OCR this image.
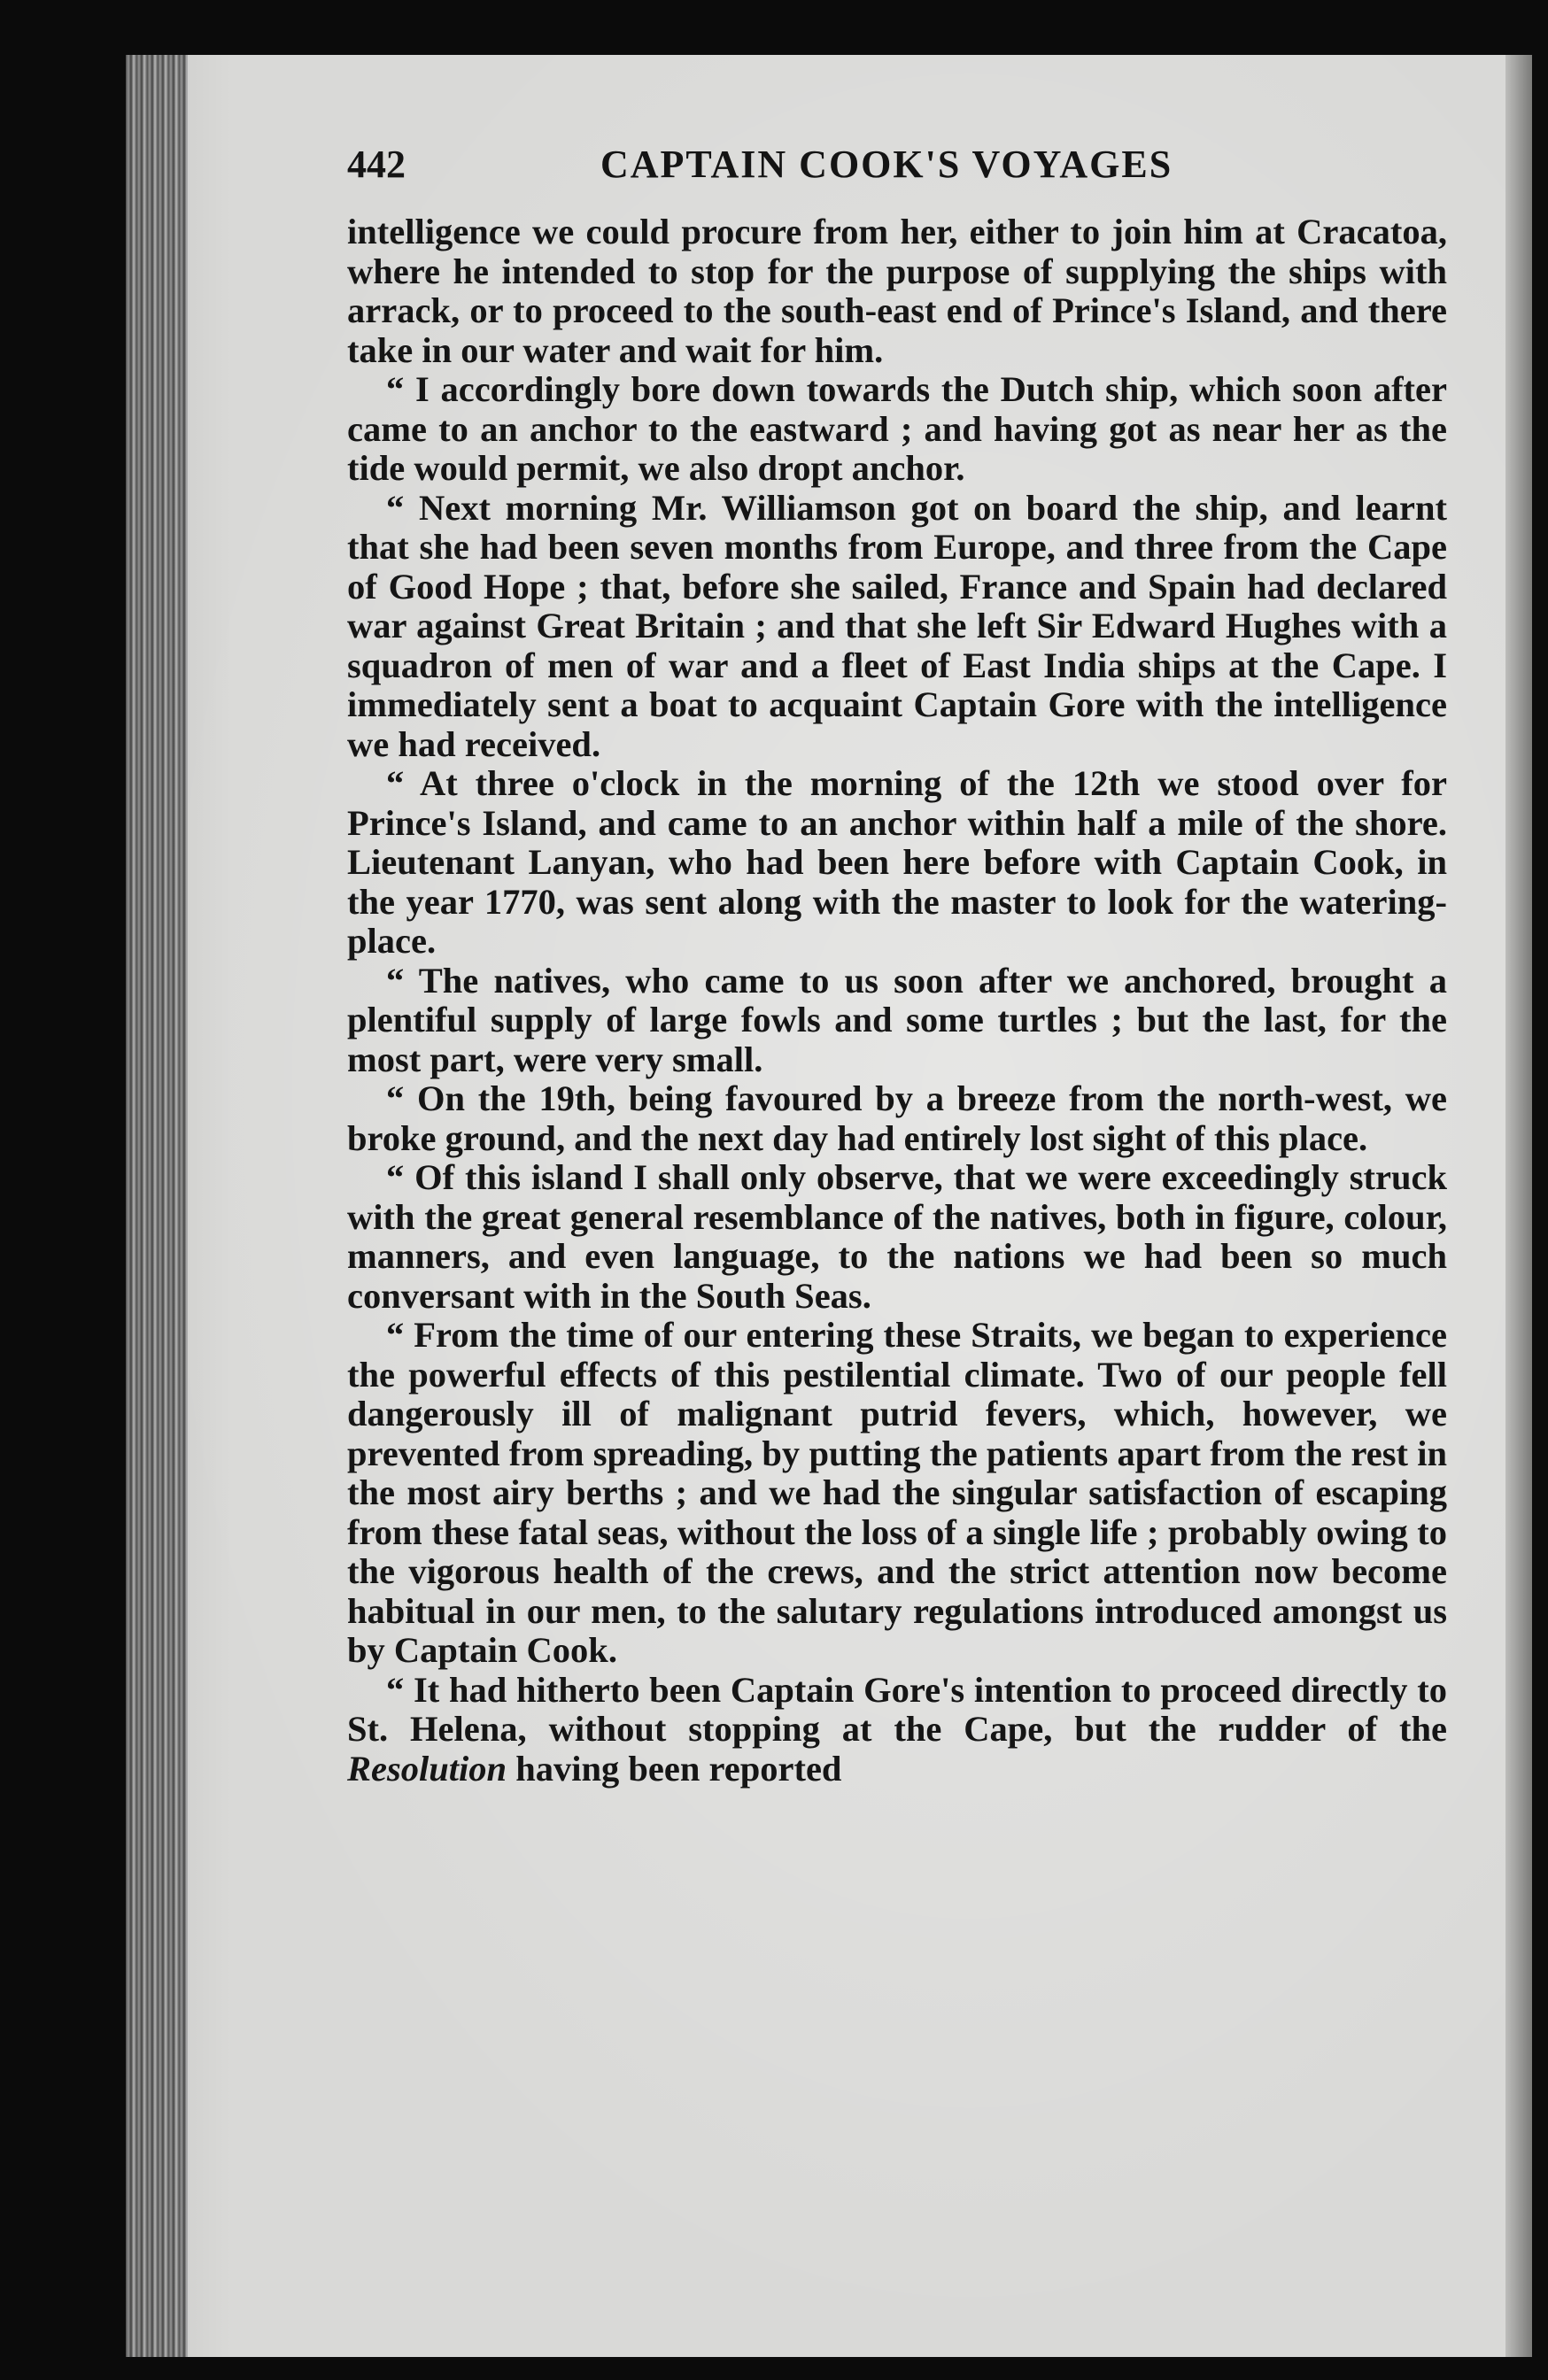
442	CAPTAIN COOK'S VOYAGES

intelligence we could procure from her, either to join him at Cracatoa, where he intended to stop for the purpose of supplying the ships with arrack, or to proceed to the south-east end of Prince's Island, and there take in our water and wait for him.

“ I accordingly bore down towards the Dutch ship, which soon after came to an anchor to the eastward ; and having got as near her as the tide would permit, we also dropt anchor.

“ Next morning Mr. Williamson got on board the ship, and learnt that she had been seven months from Europe, and three from the Cape of Good Hope ; that, before she sailed, France and Spain had declared war against Great Britain ; and that she left Sir Edward Hughes with a squadron of men of war and a fleet of East India ships at the Cape. I immediately sent a boat to acquaint Captain Gore with the intelligence we had received.

“ At three o'clock in the morning of the 12th we stood over for Prince's Island, and came to an anchor within half a mile of the shore. Lieutenant Lanyan, who had been here before with Captain Cook, in the year 1770, was sent along with the master to look for the watering-place.

“ The natives, who came to us soon after we anchored, brought a plentiful supply of large fowls and some turtles ; but the last, for the most part, were very small.

“ On the 19th, being favoured by a breeze from the north-west, we broke ground, and the next day had entirely lost sight of this place.

“ Of this island I shall only observe, that we were exceedingly struck with the great general resemblance of the natives, both in figure, colour, manners, and even language, to the nations we had been so much conversant with in the South Seas.

“ From the time of our entering these Straits, we began to experience the powerful effects of this pestilential climate. Two of our people fell dangerously ill of malignant putrid fevers, which, however, we prevented from spreading, by putting the patients apart from the rest in the most airy berths ; and we had the singular satisfaction of escaping from these fatal seas, without the loss of a single life ; probably owing to the vigorous health of the crews, and the strict attention now become habitual in our men, to the salutary regulations introduced amongst us by Captain Cook.

“ It had hitherto been Captain Gore's intention to proceed directly to St. Helena, without stopping at the Cape, but the rudder of the Resolution having been reported
